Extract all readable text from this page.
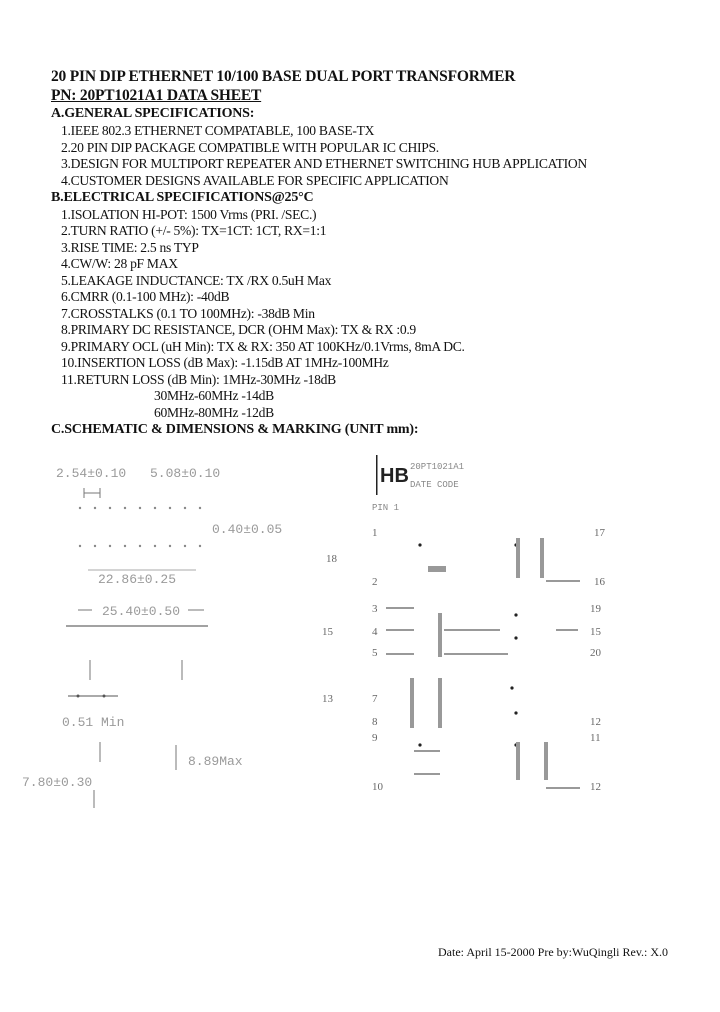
20 PIN DIP ETHERNET 10/100 BASE DUAL PORT TRANSFORMER
PN: 20PT1021A1 DATA SHEET
A.GENERAL SPECIFICATIONS:
1.IEEE 802.3 ETHERNET COMPATABLE, 100 BASE-TX
2.20 PIN DIP PACKAGE COMPATIBLE WITH POPULAR IC CHIPS.
3.DESIGN FOR MULTIPORT REPEATER AND ETHERNET SWITCHING HUB APPLICATION
4.CUSTOMER DESIGNS AVAILABLE FOR SPECIFIC APPLICATION
B.ELECTRICAL SPECIFICATIONS@25°C
1.ISOLATION HI-POT: 1500 Vrms (PRI. /SEC.)
2.TURN RATIO (+/- 5%): TX=1CT: 1CT, RX=1:1
3.RISE TIME: 2.5 ns TYP
4.CW/W: 28 pF MAX
5.LEAKAGE INDUCTANCE: TX /RX 0.5uH Max
6.CMRR (0.1-100 MHz): -40dB
7.CROSSTALKS (0.1 TO 100MHz): -38dB Min
8.PRIMARY DC RESISTANCE, DCR (OHM Max): TX & RX :0.9
9.PRIMARY OCL (uH Min): TX & RX: 350 AT 100KHz/0.1Vrms, 8mA DC.
10.INSERTION LOSS (dB Max): -1.15dB AT 1MHz-100MHz
11.RETURN LOSS (dB Min): 1MHz-30MHz -18dB
30MHz-60MHz -14dB
60MHz-80MHz -12dB
C.SCHEMATIC & DIMENSIONS & MARKING (UNIT mm):
2.54±0.10 5.08±0.10
0.40±0.05
22.86±0.25
25.40±0.50
0.51 Min
8.89Max
7.80±0.30
HB 20PT1021A1
DATE CODE
PIN 1
18
15
13
1
2
3
4
5
7
8
9
10
17
16
19
15
20
12
11
12
Date: April 15-2000 Pre by:WuQingli Rev.: X.0
